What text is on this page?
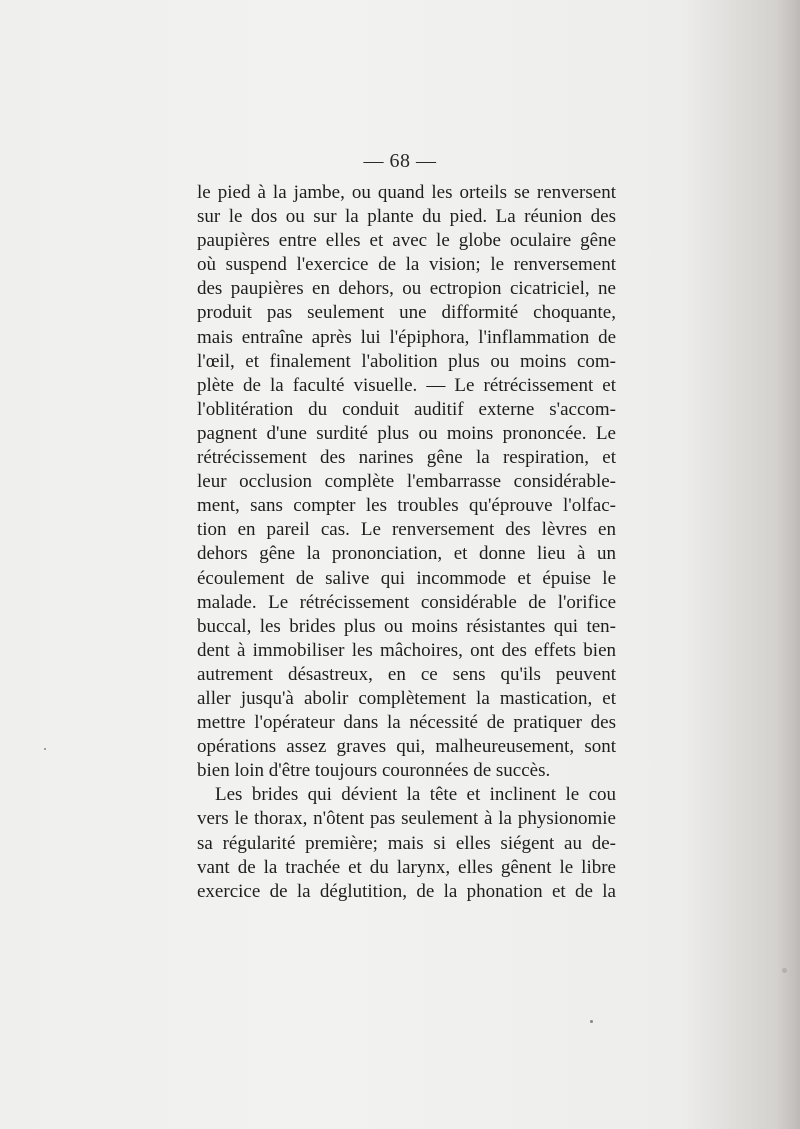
— 68 —
le pied à la jambe, ou quand les orteils se renversent
sur le dos ou sur la plante du pied. La réunion des
paupières entre elles et avec le globe oculaire gêne
où suspend l'exercice de la vision; le renversement
des paupières en dehors, ou ectropion cicatriciel, ne
produit pas seulement une difformité choquante,
mais entraîne après lui l'épiphora, l'inflammation de
l'œil, et finalement l'abolition plus ou moins com-
plète de la faculté visuelle. — Le rétrécissement et
l'oblitération du conduit auditif externe s'accom-
pagnent d'une surdité plus ou moins prononcée. Le
rétrécissement des narines gêne la respiration, et
leur occlusion complète l'embarrasse considérable-
ment, sans compter les troubles qu'éprouve l'olfac-
tion en pareil cas. Le renversement des lèvres en
dehors gêne la prononciation, et donne lieu à un
écoulement de salive qui incommode et épuise le
malade. Le rétrécissement considérable de l'orifice
buccal, les brides plus ou moins résistantes qui ten-
dent à immobiliser les mâchoires, ont des effets bien
autrement désastreux, en ce sens qu'ils peuvent
aller jusqu'à abolir complètement la mastication, et
mettre l'opérateur dans la nécessité de pratiquer des
opérations assez graves qui, malheureusement, sont
bien loin d'être toujours couronnées de succès.
Les brides qui dévient la tête et inclinent le cou
vers le thorax, n'ôtent pas seulement à la physionomie
sa régularité première; mais si elles siégent au de-
vant de la trachée et du larynx, elles gênent le libre
exercice de la déglutition, de la phonation et de la
